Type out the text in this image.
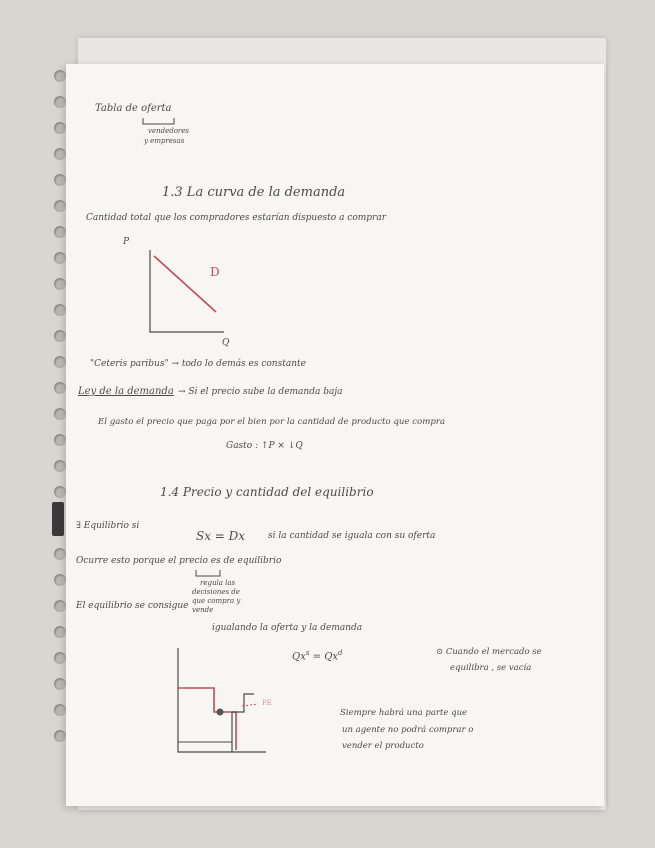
Tabla de oferta
vendedores
y empresas
1.3 La curva de la demanda
Cantidad total que los compradores estarían dispuesto a comprar
P
D
Q
"Ceteris paribus" → todo lo demás es constante
Ley de la demanda → Si el precio sube la demanda baja
El gasto el precio que paga por el bien por la cantidad de producto que compra
Gasto : ↑P × ↓Q
1.4 Precio y cantidad del equilibrio
∃ Equilibrio si
Sx = Dx	si la cantidad se iguala con su oferta
Ocurre esto porque el precio es de equilibrio
regula las
decisiones de
que compra y
vende
El equilibrio se consigue
igualando la oferta y la demanda
$Qx^s = Qx^d$	⊙ Cuando el mercado se
equilibra , se vacía
PE
Siempre habrá una parte que
un agente no podrá comprar o
vender el producto
